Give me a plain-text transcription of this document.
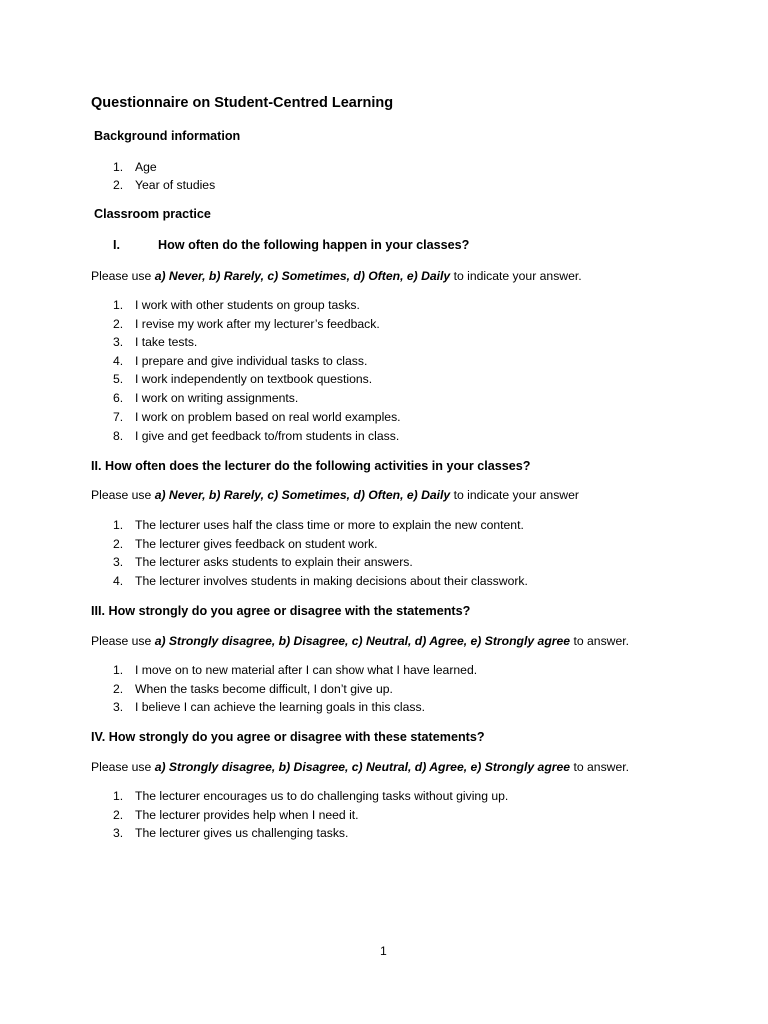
Questionnaire on Student-Centred Learning
Background information
1. Age
2. Year of studies
Classroom practice
I.	How often do the following happen in your classes?
Please use a) Never, b) Rarely, c) Sometimes, d) Often, e) Daily to indicate your answer.
1. I work with other students on group tasks.
2. I revise my work after my lecturer’s feedback.
3. I take tests.
4. I prepare and give individual tasks to class.
5. I work independently on textbook questions.
6. I work on writing assignments.
7. I work on problem based on real world examples.
8. I give and get feedback to/from students in class.
II. How often does the lecturer do the following activities in your classes?
Please use a) Never, b) Rarely, c) Sometimes, d) Often, e) Daily to indicate your answer
1. The lecturer uses half the class time or more to explain the new content.
2. The lecturer gives feedback on student work.
3. The lecturer asks students to explain their answers.
4. The lecturer involves students in making decisions about their classwork.
III. How strongly do you agree or disagree with the statements?
Please use a) Strongly disagree, b) Disagree, c) Neutral, d) Agree, e) Strongly agree to answer.
1. I move on to new material after I can show what I have learned.
2. When the tasks become difficult, I don’t give up.
3. I believe I can achieve the learning goals in this class.
IV. How strongly do you agree or disagree with these statements?
Please use a) Strongly disagree, b) Disagree, c) Neutral, d) Agree, e) Strongly agree to answer.
1. The lecturer encourages us to do challenging tasks without giving up.
2. The lecturer provides help when I need it.
3. The lecturer gives us challenging tasks.
1
